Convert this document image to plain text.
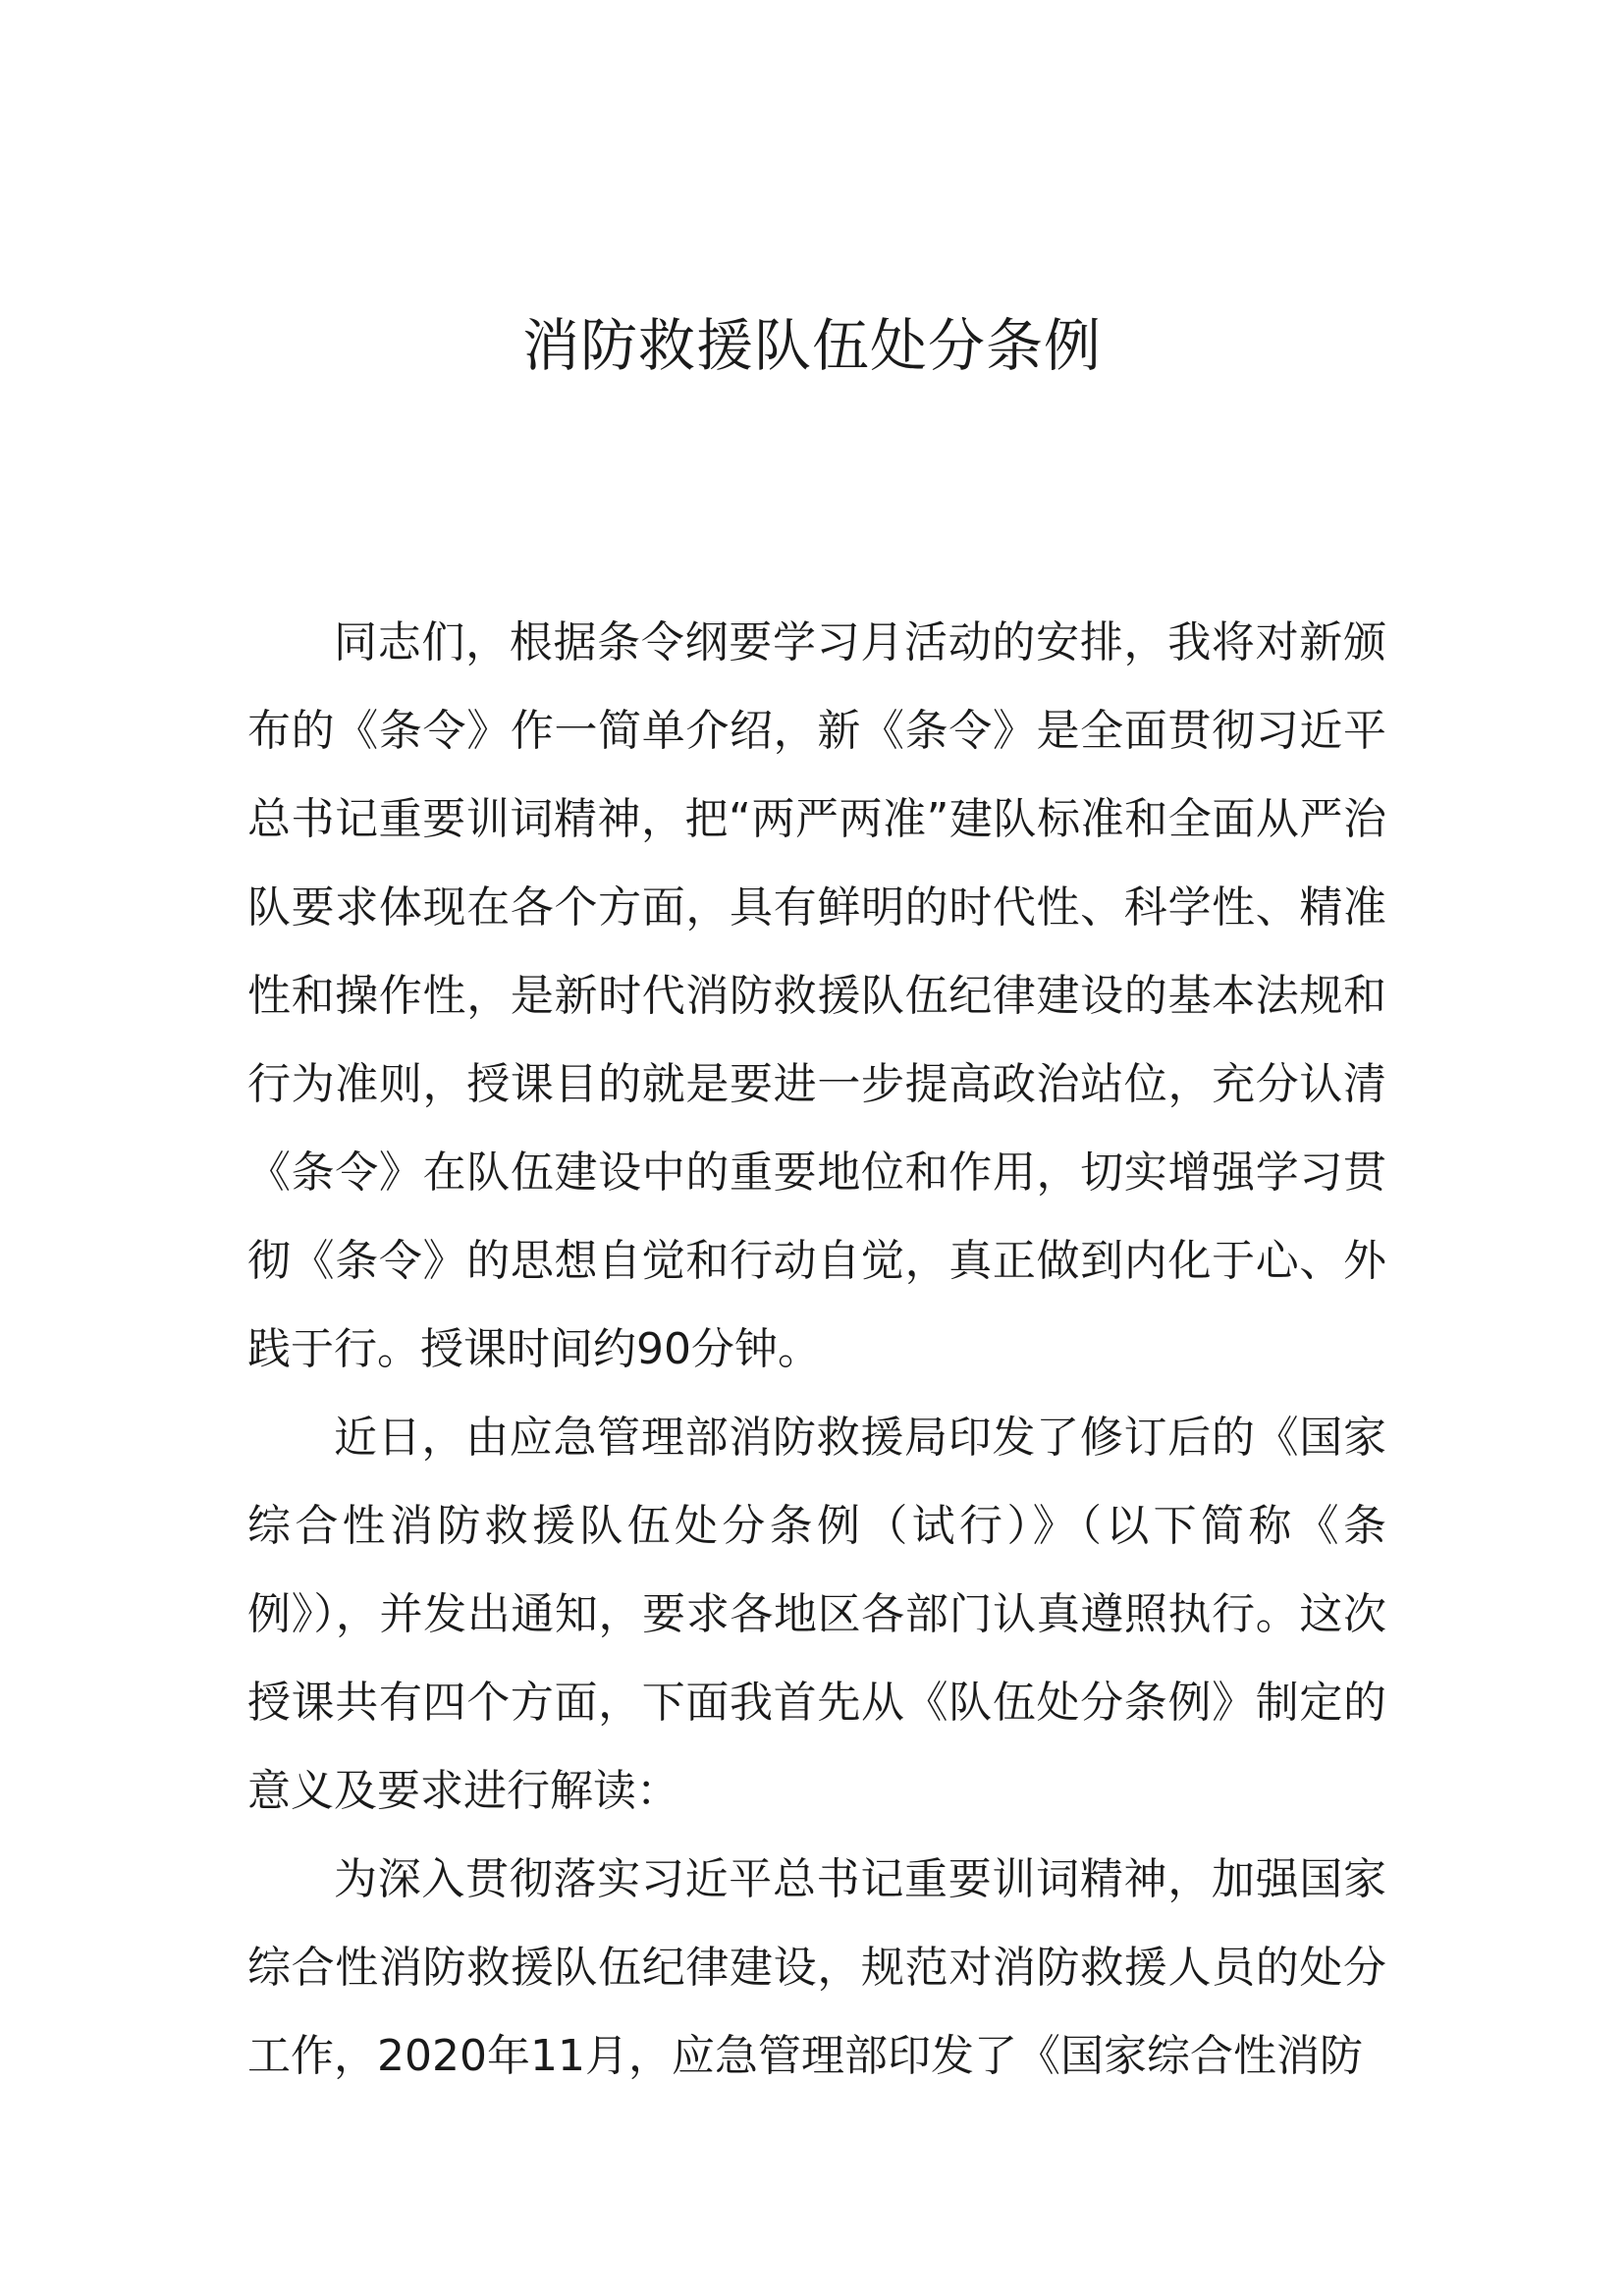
消防救援队伍处分条例

同志们，根据条令纲要学习月活动的安排，我将对新颁布的《条令》作一简单介绍，新《条令》是全面贯彻习近平总书记重要训词精神，把“两严两准”建队标准和全面从严治队要求体现在各个方面，具有鲜明的时代性、科学性、精准性和操作性，是新时代消防救援队伍纪律建设的基本法规和行为准则，授课目的就是要进一步提高政治站位，充分认清《条令》在队伍建设中的重要地位和作用，切实增强学习贯彻《条令》的思想自觉和行动自觉，真正做到内化于心、外践于行。授课时间约90分钟。

近日，由应急管理部消防救援局印发了修订后的《国家综合性消防救援队伍处分条例（试行）》（以下简称《条例》），并发出通知，要求各地区各部门认真遵照执行。这次授课共有四个方面，下面我首先从《队伍处分条例》制定的意义及要求进行解读：

为深入贯彻落实习近平总书记重要训词精神，加强国家综合性消防救援队伍纪律建设，规范对消防救援人员的处分工作，2020年11月，应急管理部印发了《国家综合性消防
